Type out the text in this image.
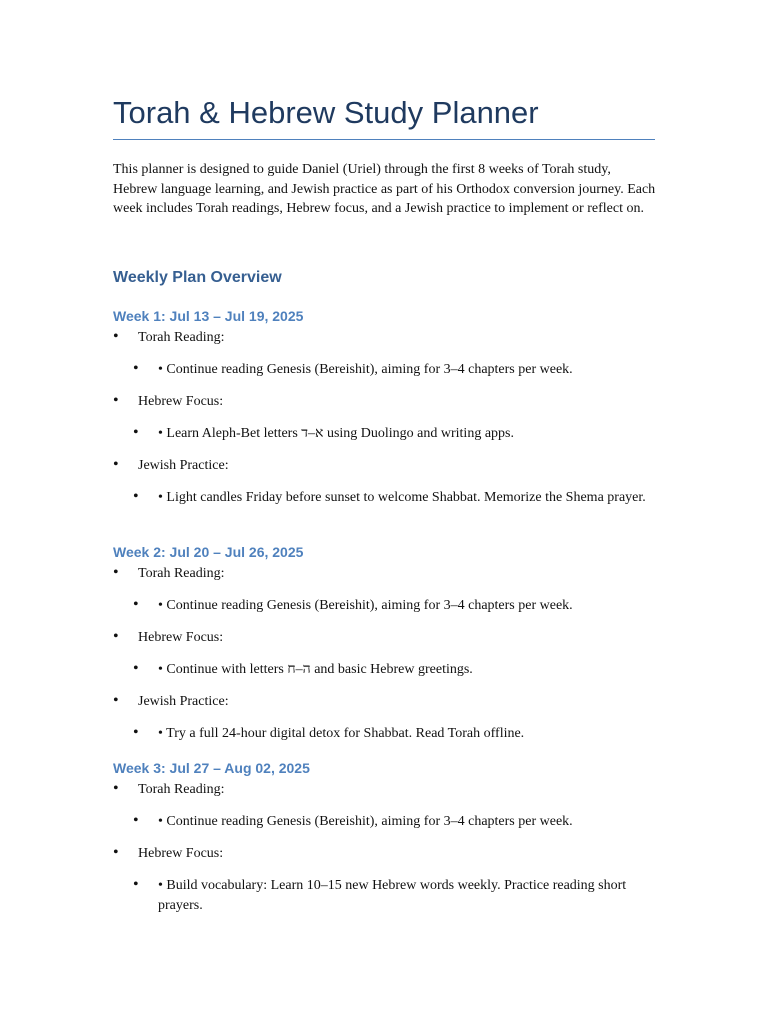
Torah & Hebrew Study Planner

This planner is designed to guide Daniel (Uriel) through the first 8 weeks of Torah study, Hebrew language learning, and Jewish practice as part of his Orthodox conversion journey. Each week includes Torah readings, Hebrew focus, and a Jewish practice to implement or reflect on.

Weekly Plan Overview
Week 1: Jul 13 – Jul 19, 2025
• Torah Reading:

• • Continue reading Genesis (Bereishit), aiming for 3–4 chapters per week.

• Hebrew Focus:

• • Learn Aleph-Bet letters א–ד using Duolingo and writing apps.

• Jewish Practice:

• • Light candles Friday before sunset to welcome Shabbat. Memorize the Shema prayer.

Week 2: Jul 20 – Jul 26, 2025
• Torah Reading:

• • Continue reading Genesis (Bereishit), aiming for 3–4 chapters per week.

• Hebrew Focus:

• • Continue with letters ה–ח and basic Hebrew greetings.

• Jewish Practice:

• • Try a full 24-hour digital detox for Shabbat. Read Torah offline.

Week 3: Jul 27 – Aug 02, 2025
• Torah Reading:

• • Continue reading Genesis (Bereishit), aiming for 3–4 chapters per week.

• Hebrew Focus:

• • Build vocabulary: Learn 10–15 new Hebrew words weekly. Practice reading short prayers.
